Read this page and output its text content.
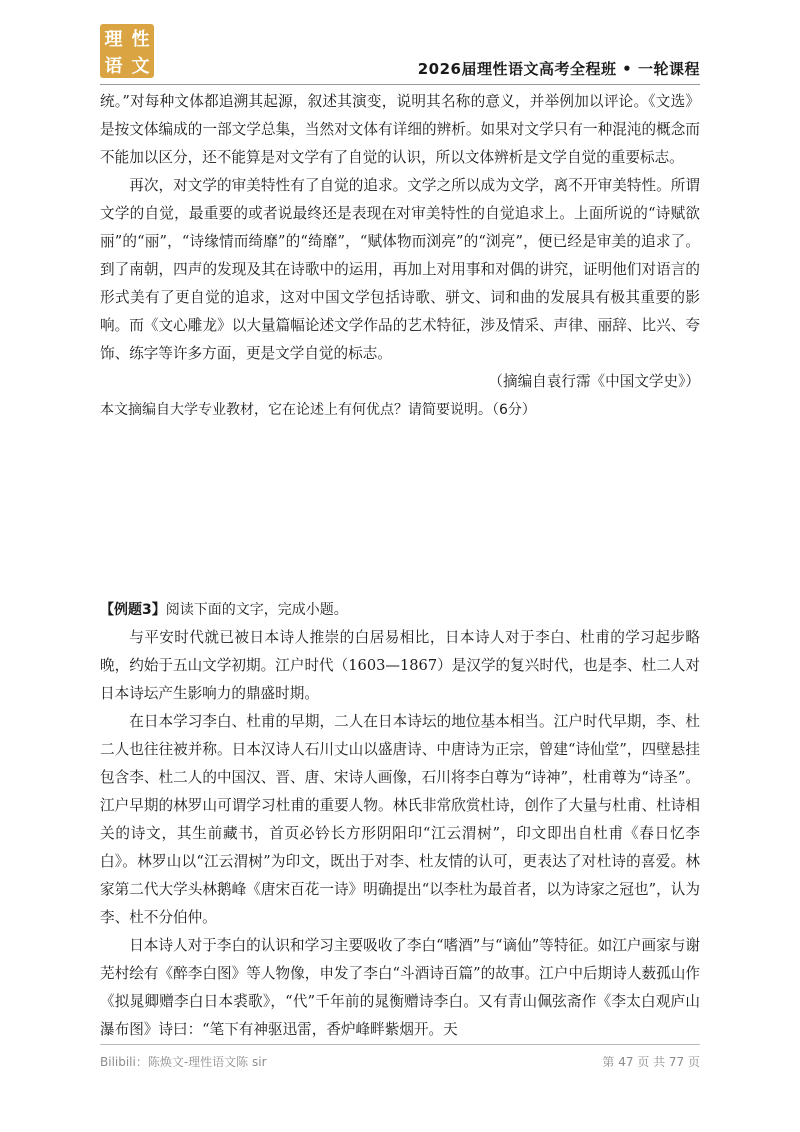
理 性
语 文	2026届理性语文高考全程班 • 一轮课程

统。”对每种文体都追溯其起源，叙述其演变，说明其名称的意义，并举例加以评论。《文选》是按文体编成的一部文学总集，当然对文体有详细的辨析。如果对文学只有一种混沌的概念而不能加以区分，还不能算是对文学有了自觉的认识，所以文体辨析是文学自觉的重要标志。

再次，对文学的审美特性有了自觉的追求。文学之所以成为文学，离不开审美特性。所谓文学的自觉，最重要的或者说最终还是表现在对审美特性的自觉追求上。上面所说的“诗赋欲丽”的“丽”，“诗缘情而绮靡”的“绮靡”，“赋体物而浏亮”的“浏亮”，便已经是审美的追求了。到了南朝，四声的发现及其在诗歌中的运用，再加上对用事和对偶的讲究，证明他们对语言的形式美有了更自觉的追求，这对中国文学包括诗歌、骈文、词和曲的发展具有极其重要的影响。而《文心雕龙》以大量篇幅论述文学作品的艺术特征，涉及情采、声律、丽辞、比兴、夸饰、练字等许多方面，更是文学自觉的标志。

（摘编自袁行霈《中国文学史》）

本文摘编自大学专业教材，它在论述上有何优点？请简要说明。（6分）

【例题3】阅读下面的文字，完成小题。

与平安时代就已被日本诗人推崇的白居易相比，日本诗人对于李白、杜甫的学习起步略晚，约始于五山文学初期。江户时代（1603—1867）是汉学的复兴时代，也是李、杜二人对日本诗坛产生影响力的鼎盛时期。

在日本学习李白、杜甫的早期，二人在日本诗坛的地位基本相当。江户时代早期，李、杜二人也往往被并称。日本汉诗人石川丈山以盛唐诗、中唐诗为正宗，曾建“诗仙堂”，四壁悬挂包含李、杜二人的中国汉、晋、唐、宋诗人画像，石川将李白尊为“诗神”，杜甫尊为“诗圣”。江户早期的林罗山可谓学习杜甫的重要人物。林氏非常欣赏杜诗，创作了大量与杜甫、杜诗相关的诗文，其生前藏书，首页必钤长方形阴阳印“江云渭树”，印文即出自杜甫《春日忆李白》。林罗山以“江云渭树”为印文，既出于对李、杜友情的认可，更表达了对杜诗的喜爱。林家第二代大学头林鹅峰《唐宋百花一诗》明确提出“以李杜为最首者，以为诗家之冠也”，认为李、杜不分伯仲。

日本诗人对于李白的认识和学习主要吸收了李白“嗜酒”与“谪仙”等特征。如江户画家与谢芜村绘有《醉李白图》等人物像，申发了李白“斗酒诗百篇”的故事。江户中后期诗人薮孤山作《拟晁卿赠李白日本裘歌》，“代”千年前的晁衡赠诗李白。又有青山佩弦斋作《李太白观庐山瀑布图》诗曰：“笔下有神驱迅雷，香炉峰畔紫烟开。天

Bilibili：陈焕文-理性语文陈 sir	第 47 页 共 77 页
